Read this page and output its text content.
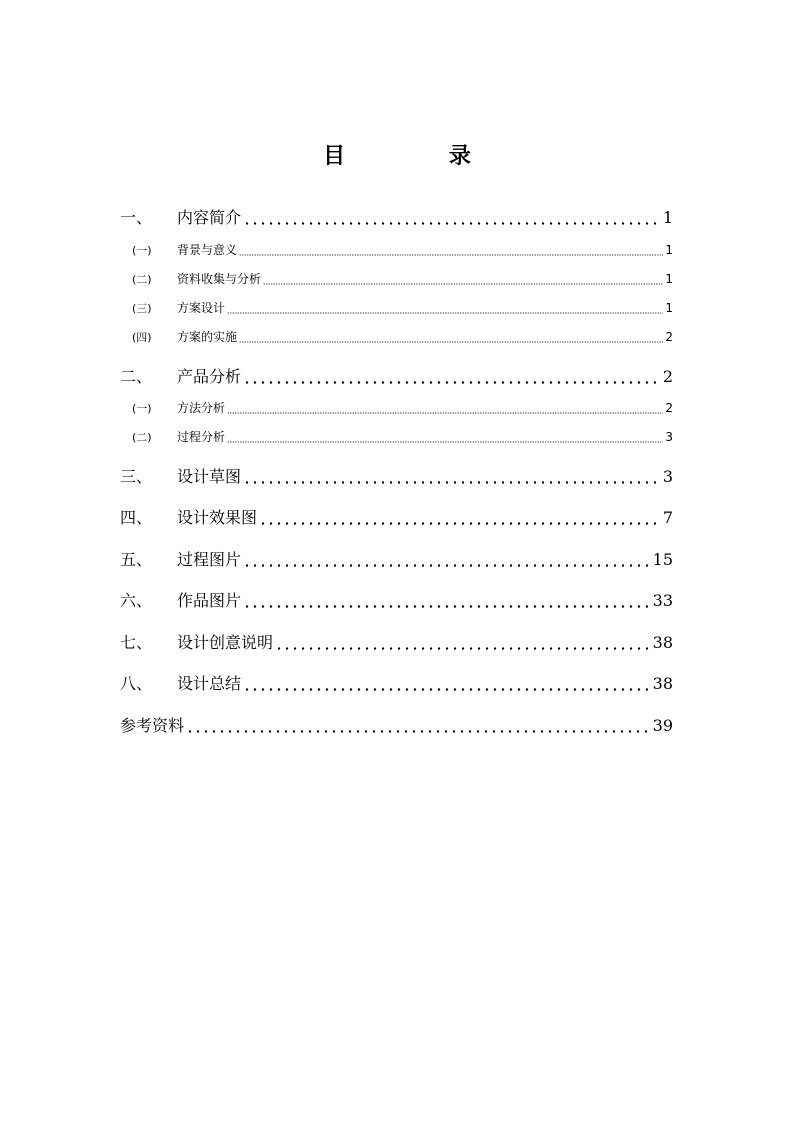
目 录
一、	内容简介	1
(一)	背景与意义	1
(二)	资料收集与分析	1
(三)	方案设计	1
(四)	方案的实施	2
二、	产品分析	2
(一)	方法分析	2
(二)	过程分析	3
三、	设计草图	3
四、	设计效果图	7
五、	过程图片	15
六、	作品图片	33
七、	设计创意说明	38
八、	设计总结	38
参考资料	39
